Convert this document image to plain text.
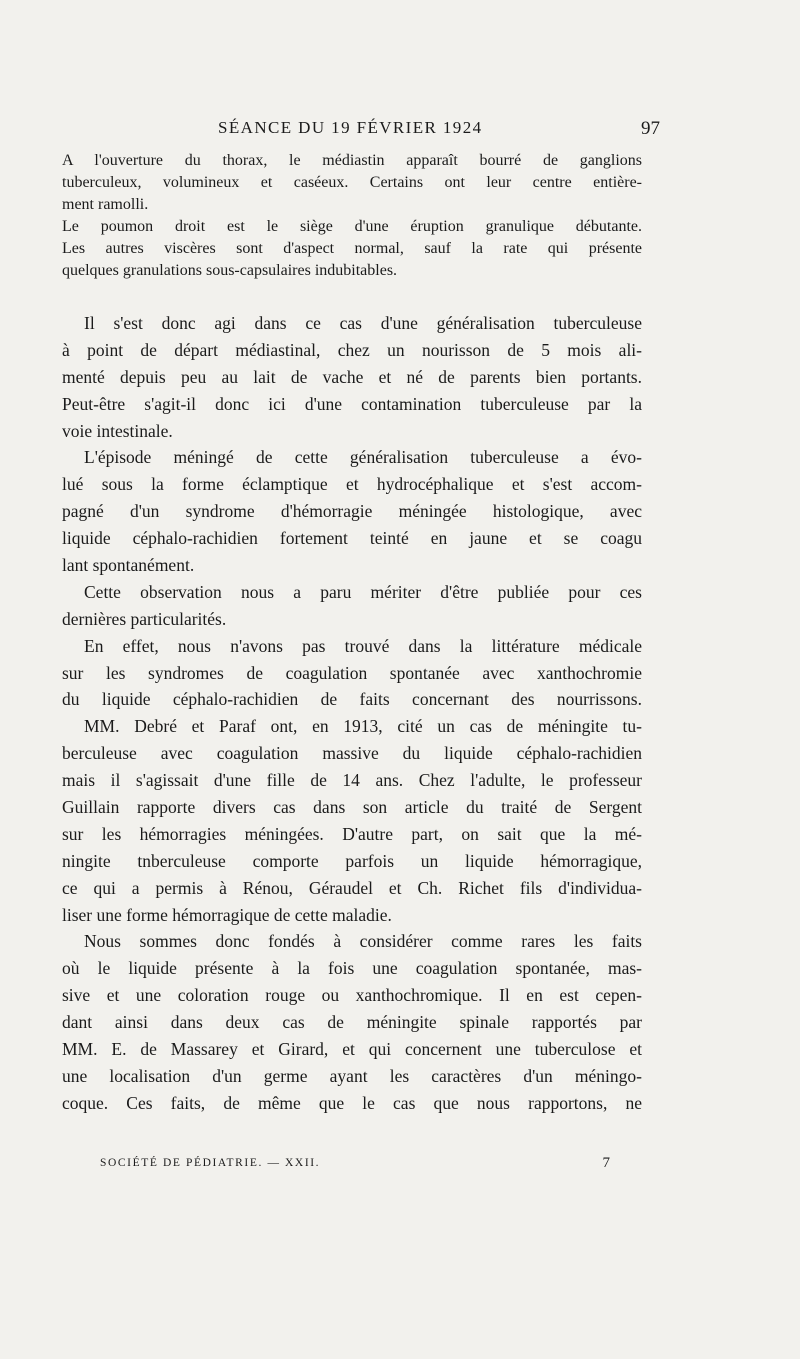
SÉANCE DU 19 FÉVRIER 1924	97
A l'ouverture du thorax, le médiastin apparaît bourré de ganglions
tuberculeux, volumineux et caséeux. Certains ont leur centre entière-
ment ramolli.
Le poumon droit est le siège d'une éruption granulique débutante.
Les autres viscères sont d'aspect normal, sauf la rate qui présente
quelques granulations sous-capsulaires indubitables.
Il s'est donc agi dans ce cas d'une généralisation tuberculeuse
à point de départ médiastinal, chez un nourisson de 5 mois ali-
menté depuis peu au lait de vache et né de parents bien portants.
Peut-être s'agit-il donc ici d'une contamination tuberculeuse par la
voie intestinale.
L'épisode méningé de cette généralisation tuberculeuse a évo-
lué sous la forme éclamptique et hydrocéphalique et s'est accom-
pagné d'un syndrome d'hémorragie méningée histologique, avec
liquide céphalo-rachidien fortement teinté en jaune et se coagu
lant spontanément.
Cette observation nous a paru mériter d'être publiée pour ces
dernières particularités.
En effet, nous n'avons pas trouvé dans la littérature médicale
sur les syndromes de coagulation spontanée avec xanthochromie
du liquide céphalo-rachidien de faits concernant des nourrissons.
MM. Debré et Paraf ont, en 1913, cité un cas de méningite tu-
berculeuse avec coagulation massive du liquide céphalo-rachidien
mais il s'agissait d'une fille de 14 ans. Chez l'adulte, le professeur
Guillain rapporte divers cas dans son article du traité de Sergent
sur les hémorragies méningées. D'autre part, on sait que la mé-
ningite tnberculeuse comporte parfois un liquide hémorragique,
ce qui a permis à Rénou, Géraudel et Ch. Richet fils d'individua-
liser une forme hémorragique de cette maladie.
Nous sommes donc fondés à considérer comme rares les faits
où le liquide présente à la fois une coagulation spontanée, mas-
sive et une coloration rouge ou xanthochromique. Il en est cepen-
dant ainsi dans deux cas de méningite spinale rapportés par
MM. E. de Massarey et Girard, et qui concernent une tuberculose et
une localisation d'un germe ayant les caractères d'un méningo-
coque. Ces faits, de même que le cas que nous rapportons, ne
SOCIÉTÉ DE PÉDIATRIE. — XXII.	7
